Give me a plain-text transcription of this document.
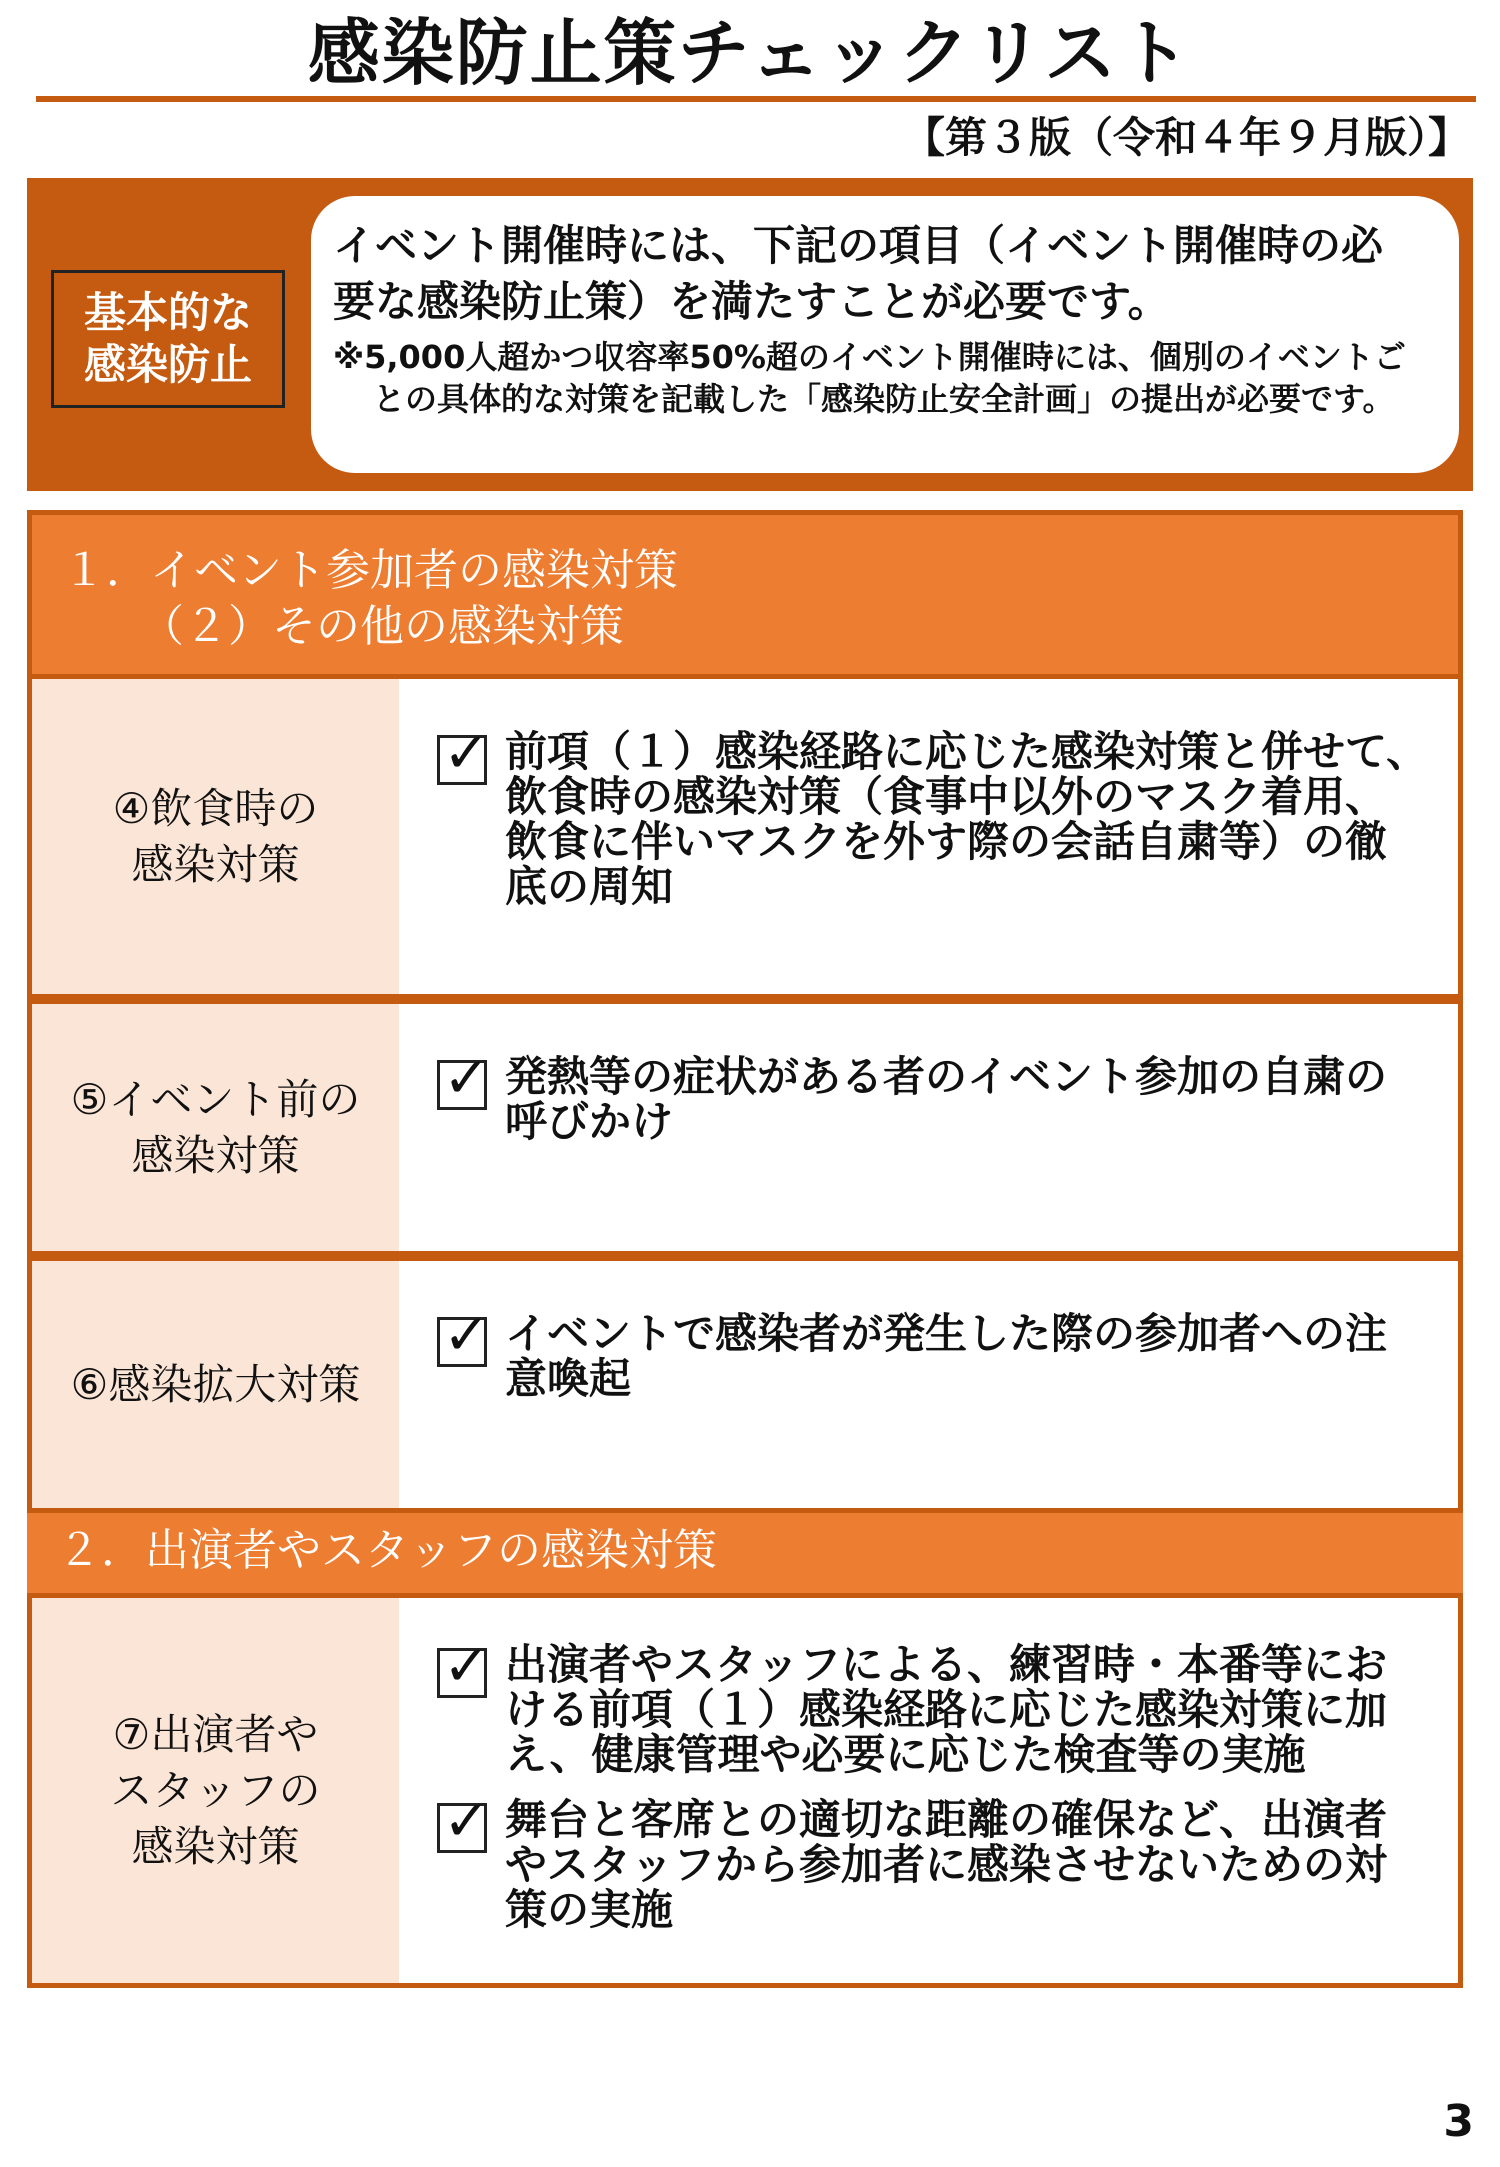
感染防止策チェックリスト
【第３版（令和４年９月版）】
基本的な
感染防止
イベント開催時には、下記の項目（イベント開催時の必
要な感染防止策）を満たすことが必要です。
※5,000人超かつ収容率50%超のイベント開催時には、個別のイベントご
との具体的な対策を記載した「感染防止安全計画」の提出が必要です。
１．イベント参加者の感染対策
（２）その他の感染対策
④飲食時の
感染対策
✓ 前項（１）感染経路に応じた感染対策と併せて、
飲食時の感染対策（食事中以外のマスク着用、
飲食に伴いマスクを外す際の会話自粛等）の徹
底の周知
⑤イベント前の
感染対策
✓ 発熱等の症状がある者のイベント参加の自粛の
呼びかけ
⑥感染拡大対策
✓ イベントで感染者が発生した際の参加者への注
意喚起
２．出演者やスタッフの感染対策
⑦出演者や
スタッフの
感染対策
✓ 出演者やスタッフによる、練習時・本番等にお
ける前項（１）感染経路に応じた感染対策に加
え、健康管理や必要に応じた検査等の実施
✓ 舞台と客席との適切な距離の確保など、出演者
やスタッフから参加者に感染させないための対
策の実施
3
